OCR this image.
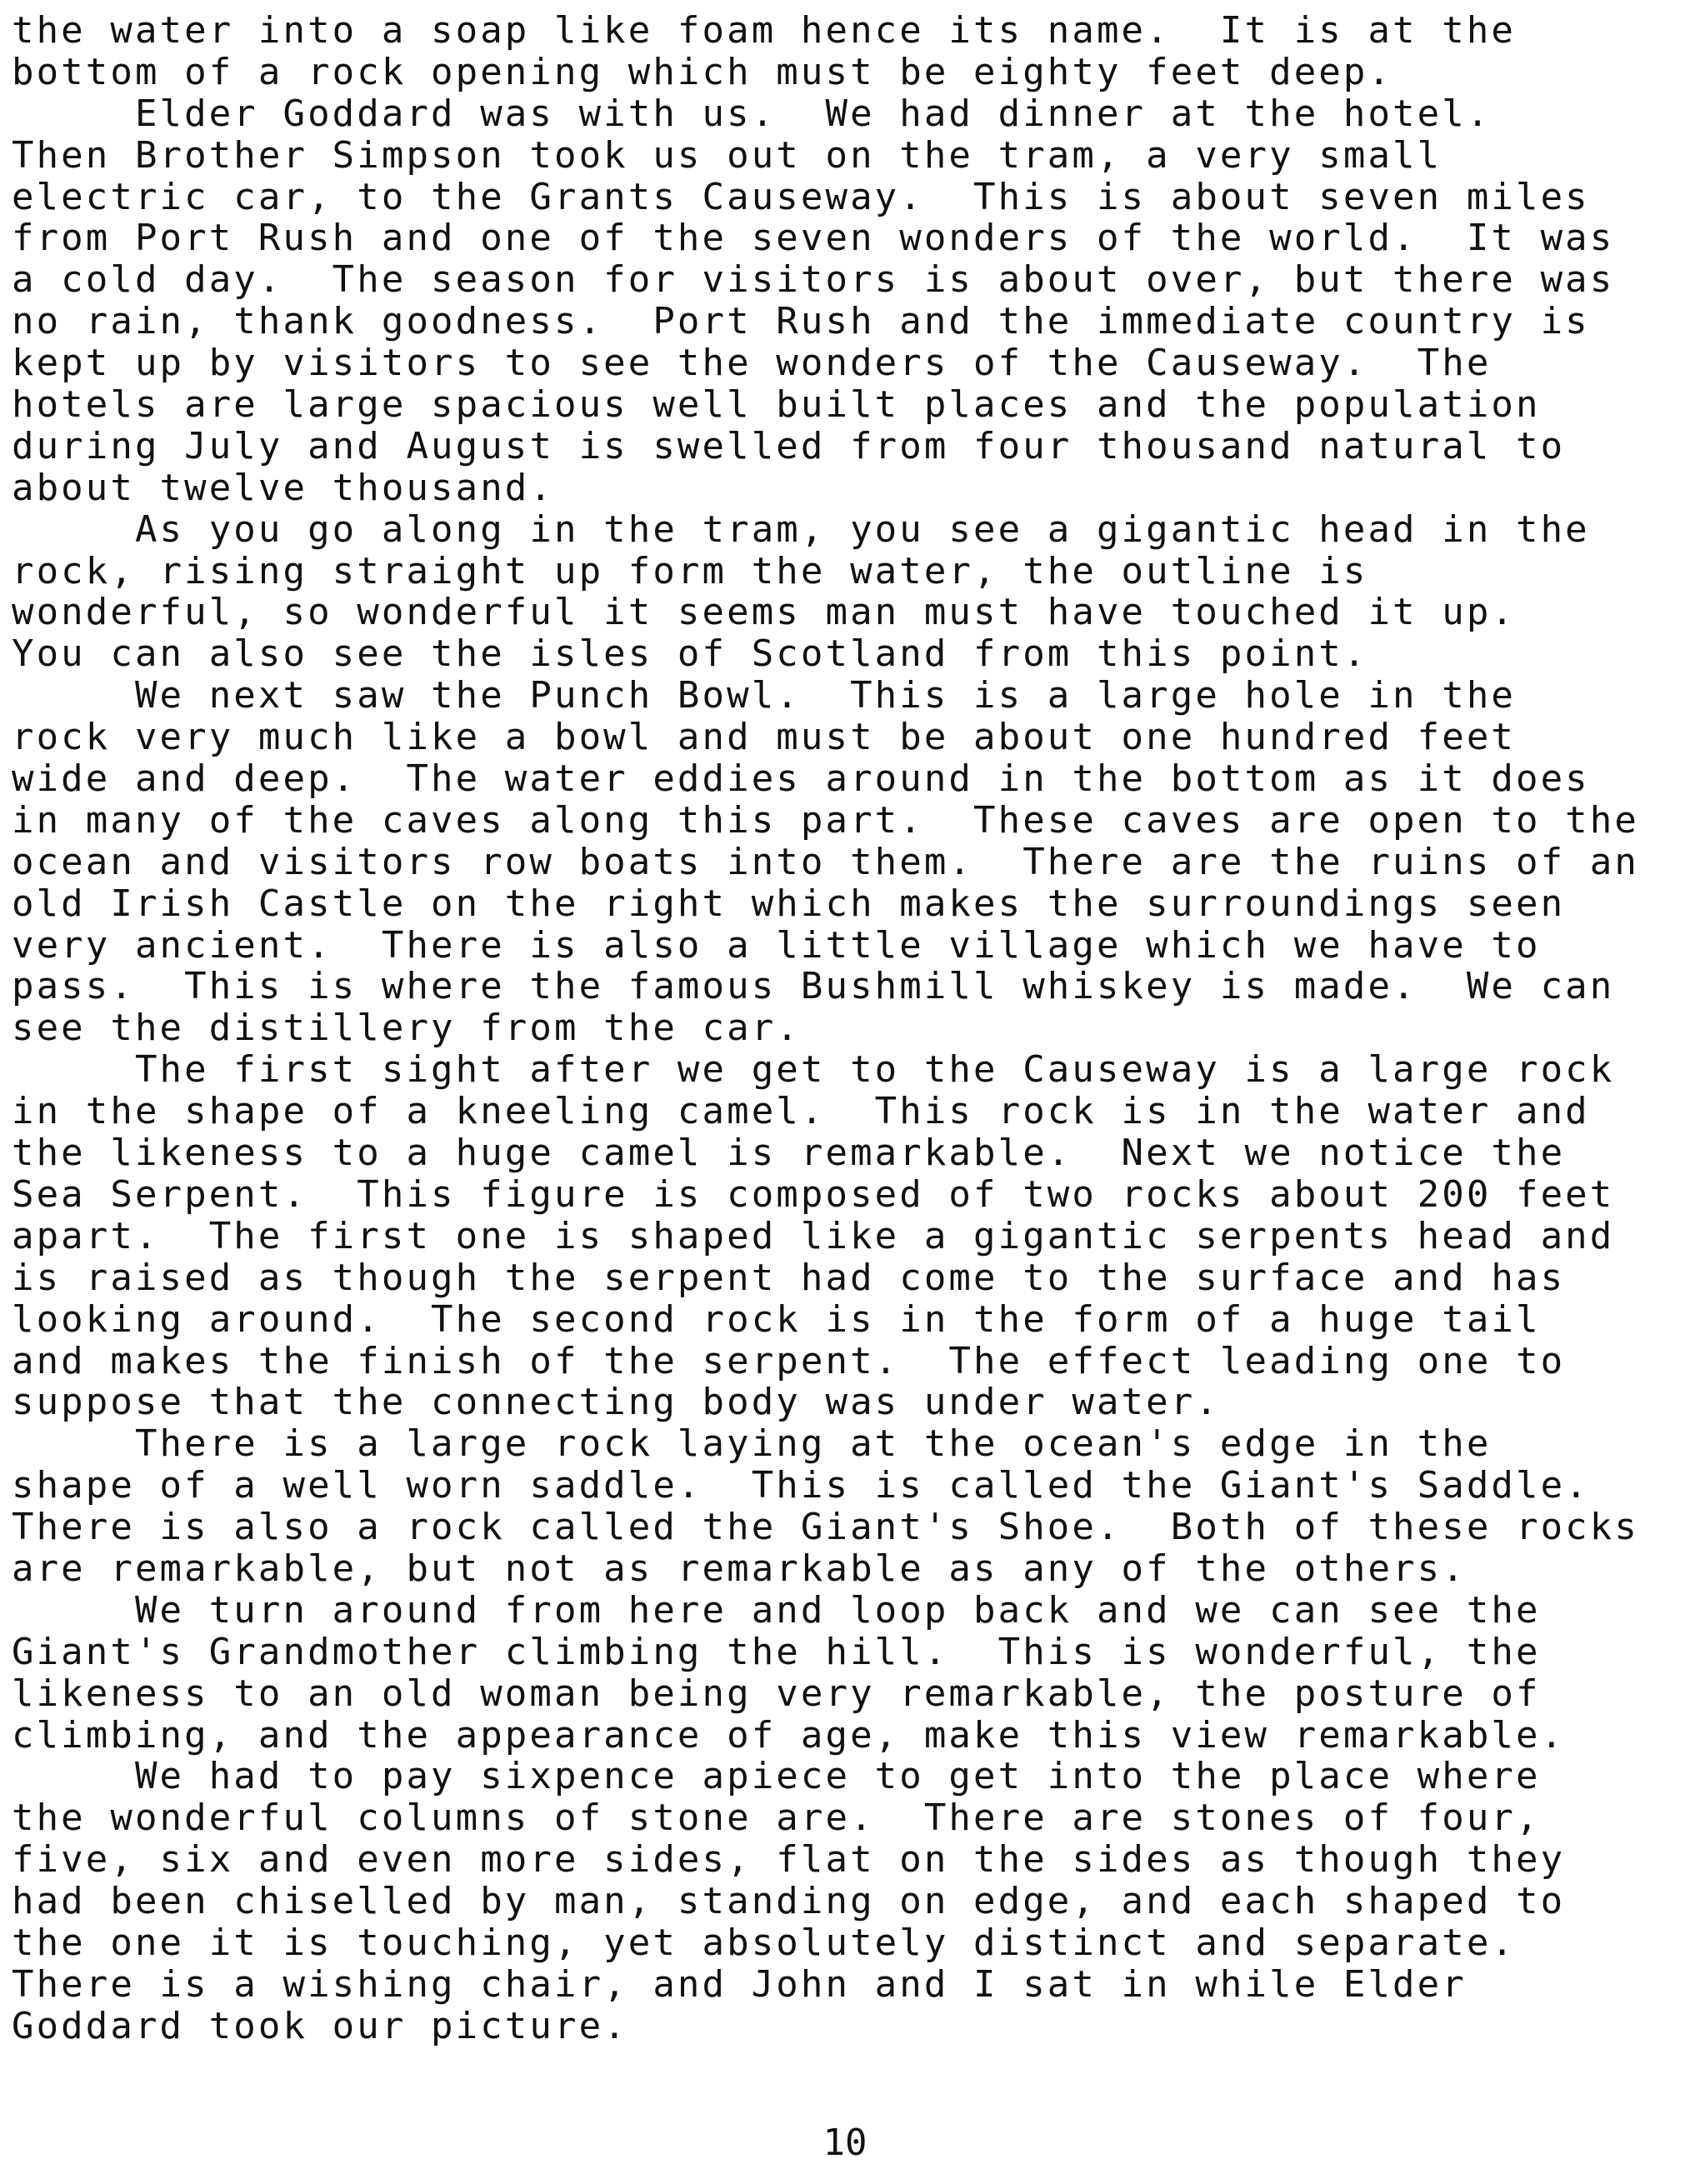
the water into a soap like foam hence its name.  It is at the
bottom of a rock opening which must be eighty feet deep.
Elder Goddard was with us.  We had dinner at the hotel.
Then Brother Simpson took us out on the tram, a very small
electric car, to the Grants Causeway.  This is about seven miles
from Port Rush and one of the seven wonders of the world.  It was
a cold day.  The season for visitors is about over, but there was
no rain, thank goodness.  Port Rush and the immediate country is
kept up by visitors to see the wonders of the Causeway.  The
hotels are large spacious well built places and the population
during July and August is swelled from four thousand natural to
about twelve thousand.
As you go along in the tram, you see a gigantic head in the
rock, rising straight up form the water, the outline is
wonderful, so wonderful it seems man must have touched it up.
You can also see the isles of Scotland from this point.
We next saw the Punch Bowl.  This is a large hole in the
rock very much like a bowl and must be about one hundred feet
wide and deep.  The water eddies around in the bottom as it does
in many of the caves along this part.  These caves are open to the
ocean and visitors row boats into them.  There are the ruins of an
old Irish Castle on the right which makes the surroundings seen
very ancient.  There is also a little village which we have to
pass.  This is where the famous Bushmill whiskey is made.  We can
see the distillery from the car.
The first sight after we get to the Causeway is a large rock
in the shape of a kneeling camel.  This rock is in the water and
the likeness to a huge camel is remarkable.  Next we notice the
Sea Serpent.  This figure is composed of two rocks about 200 feet
apart.  The first one is shaped like a gigantic serpents head and
is raised as though the serpent had come to the surface and has
looking around.  The second rock is in the form of a huge tail
and makes the finish of the serpent.  The effect leading one to
suppose that the connecting body was under water.
There is a large rock laying at the ocean's edge in the
shape of a well worn saddle.  This is called the Giant's Saddle.
There is also a rock called the Giant's Shoe.  Both of these rocks
are remarkable, but not as remarkable as any of the others.
We turn around from here and loop back and we can see the
Giant's Grandmother climbing the hill.  This is wonderful, the
likeness to an old woman being very remarkable, the posture of
climbing, and the appearance of age, make this view remarkable.
We had to pay sixpence apiece to get into the place where
the wonderful columns of stone are.  There are stones of four,
five, six and even more sides, flat on the sides as though they
had been chiselled by man, standing on edge, and each shaped to
the one it is touching, yet absolutely distinct and separate.
There is a wishing chair, and John and I sat in while Elder
Goddard took our picture.
10
